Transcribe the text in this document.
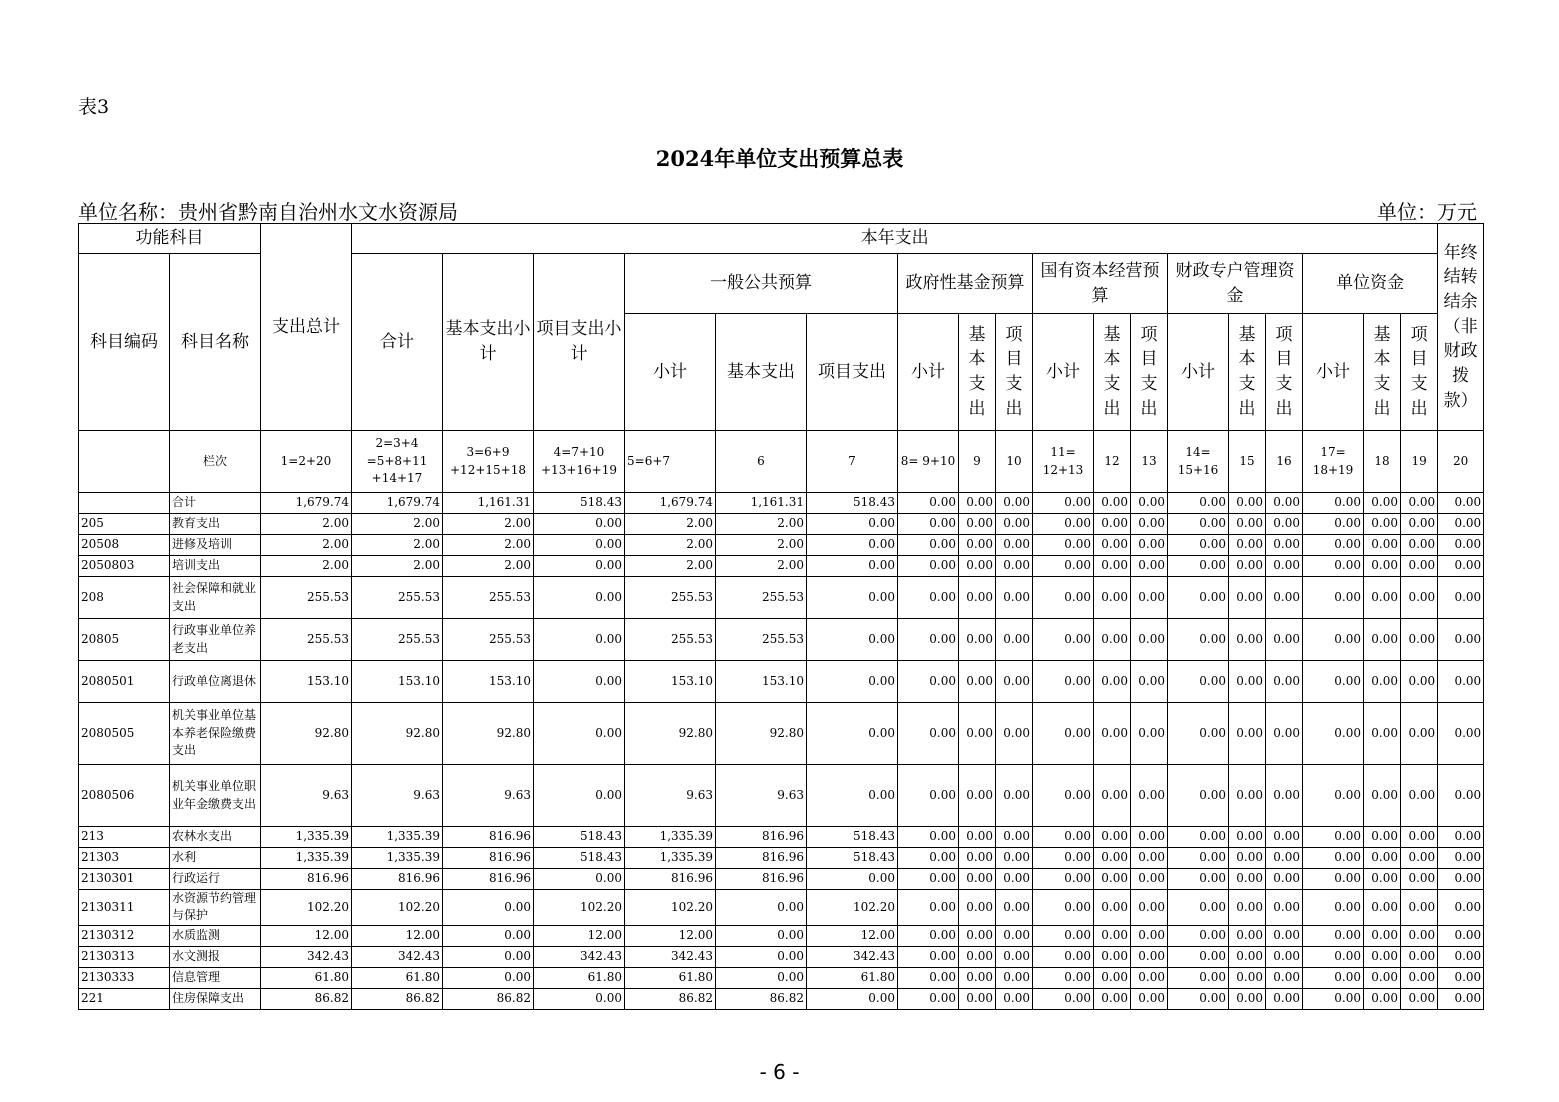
表3
2024年单位支出预算总表
单位名称：贵州省黔南自治州水文水资源局	单位：万元
功能科目		支出总计	本年支出																		年终结转结余（非财政拨款）
科目编码	科目名称		合计	基本支出小计	项目支出小计	一般公共预算			政府性基金预算			国有资本经营预算			财政专户管理资金			单位资金			
						小计	基本支出	项目支出	小计	基本支出	项目支出	小计	基本支出	项目支出	小计	基本支出	项目支出	小计	基本支出	项目支出	
	栏次	1=2+20	2=3+4 =5+8+11 +14+17	3=6+9 +12+15+18	4=7+10 +13+16+19	5=6+7	6	7	8= 9+10	9	10	11= 12+13	12	13	14= 15+16	15	16	17= 18+19	18	19	20
	合计	1,679.74	1,679.74	1,161.31	518.43	1,679.74	1,161.31	518.43	0.00	0.00	0.00	0.00	0.00	0.00	0.00	0.00	0.00	0.00	0.00	0.00	0.00
205	教育支出	2.00	2.00	2.00	0.00	2.00	2.00	0.00	0.00	0.00	0.00	0.00	0.00	0.00	0.00	0.00	0.00	0.00	0.00	0.00	0.00
20508	进修及培训	2.00	2.00	2.00	0.00	2.00	2.00	0.00	0.00	0.00	0.00	0.00	0.00	0.00	0.00	0.00	0.00	0.00	0.00	0.00	0.00
2050803	培训支出	2.00	2.00	2.00	0.00	2.00	2.00	0.00	0.00	0.00	0.00	0.00	0.00	0.00	0.00	0.00	0.00	0.00	0.00	0.00	0.00
208	社会保障和就业支出	255.53	255.53	255.53	0.00	255.53	255.53	0.00	0.00	0.00	0.00	0.00	0.00	0.00	0.00	0.00	0.00	0.00	0.00	0.00	0.00
20805	行政事业单位养老支出	255.53	255.53	255.53	0.00	255.53	255.53	0.00	0.00	0.00	0.00	0.00	0.00	0.00	0.00	0.00	0.00	0.00	0.00	0.00	0.00
2080501	行政单位离退休	153.10	153.10	153.10	0.00	153.10	153.10	0.00	0.00	0.00	0.00	0.00	0.00	0.00	0.00	0.00	0.00	0.00	0.00	0.00	0.00
2080505	机关事业单位基本养老保险缴费支出	92.80	92.80	92.80	0.00	92.80	92.80	0.00	0.00	0.00	0.00	0.00	0.00	0.00	0.00	0.00	0.00	0.00	0.00	0.00	0.00
2080506	机关事业单位职业年金缴费支出	9.63	9.63	9.63	0.00	9.63	9.63	0.00	0.00	0.00	0.00	0.00	0.00	0.00	0.00	0.00	0.00	0.00	0.00	0.00	0.00
213	农林水支出	1,335.39	1,335.39	816.96	518.43	1,335.39	816.96	518.43	0.00	0.00	0.00	0.00	0.00	0.00	0.00	0.00	0.00	0.00	0.00	0.00	0.00
21303	水利	1,335.39	1,335.39	816.96	518.43	1,335.39	816.96	518.43	0.00	0.00	0.00	0.00	0.00	0.00	0.00	0.00	0.00	0.00	0.00	0.00	0.00
2130301	行政运行	816.96	816.96	816.96	0.00	816.96	816.96	0.00	0.00	0.00	0.00	0.00	0.00	0.00	0.00	0.00	0.00	0.00	0.00	0.00	0.00
2130311	水资源节约管理与保护	102.20	102.20	0.00	102.20	102.20	0.00	102.20	0.00	0.00	0.00	0.00	0.00	0.00	0.00	0.00	0.00	0.00	0.00	0.00	0.00
2130312	水质监测	12.00	12.00	0.00	12.00	12.00	0.00	12.00	0.00	0.00	0.00	0.00	0.00	0.00	0.00	0.00	0.00	0.00	0.00	0.00	0.00
2130313	水文测报	342.43	342.43	0.00	342.43	342.43	0.00	342.43	0.00	0.00	0.00	0.00	0.00	0.00	0.00	0.00	0.00	0.00	0.00	0.00	0.00
2130333	信息管理	61.80	61.80	0.00	61.80	61.80	0.00	61.80	0.00	0.00	0.00	0.00	0.00	0.00	0.00	0.00	0.00	0.00	0.00	0.00	0.00
221	住房保障支出	86.82	86.82	86.82	0.00	86.82	86.82	0.00	0.00	0.00	0.00	0.00	0.00	0.00	0.00	0.00	0.00	0.00	0.00	0.00	0.00
- 6 -
